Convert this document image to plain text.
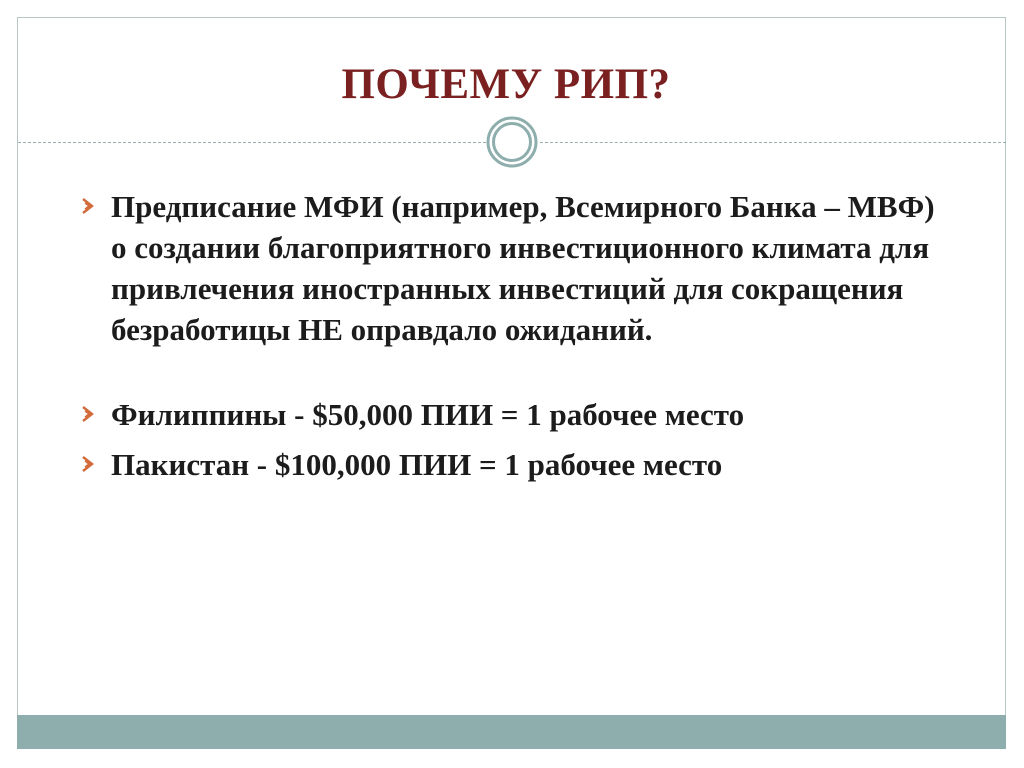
ПОЧЕМУ РИП?
Предписание МФИ (например, Всемирного Банка – МВФ) о создании благоприятного инвестиционного климата для привлечения иностранных инвестиций для сокращения безработицы НЕ оправдало ожиданий.
Филиппины - $50,000 ПИИ = 1 рабочее место
Пакистан - $100,000 ПИИ = 1 рабочее место
